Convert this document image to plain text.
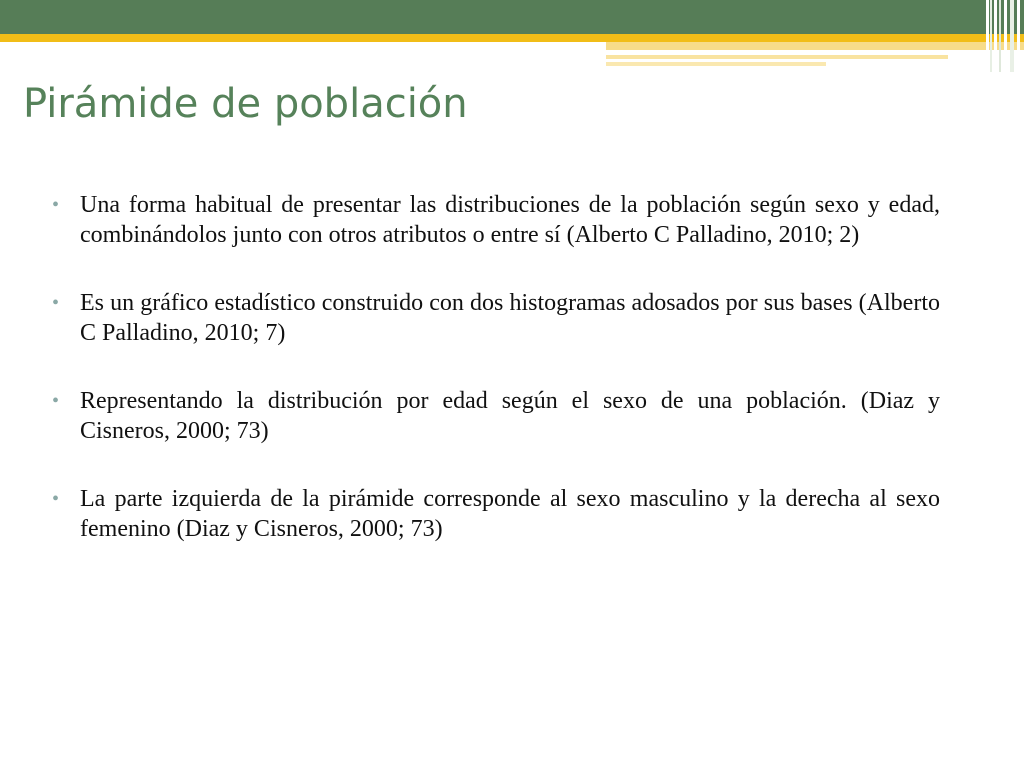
Pirámide de población
• Una forma habitual de presentar las distribuciones de la población según sexo y edad, combinándolos junto con otros atributos o entre sí (Alberto C Palladino, 2010; 2)
• Es un gráfico estadístico construido con dos histogramas adosados por sus bases (Alberto C Palladino, 2010; 7)
• Representando la distribución por edad según el sexo de una población. (Diaz y Cisneros, 2000; 73)
• La parte izquierda de la pirámide corresponde al sexo masculino y la derecha al sexo femenino (Diaz y Cisneros, 2000; 73)
